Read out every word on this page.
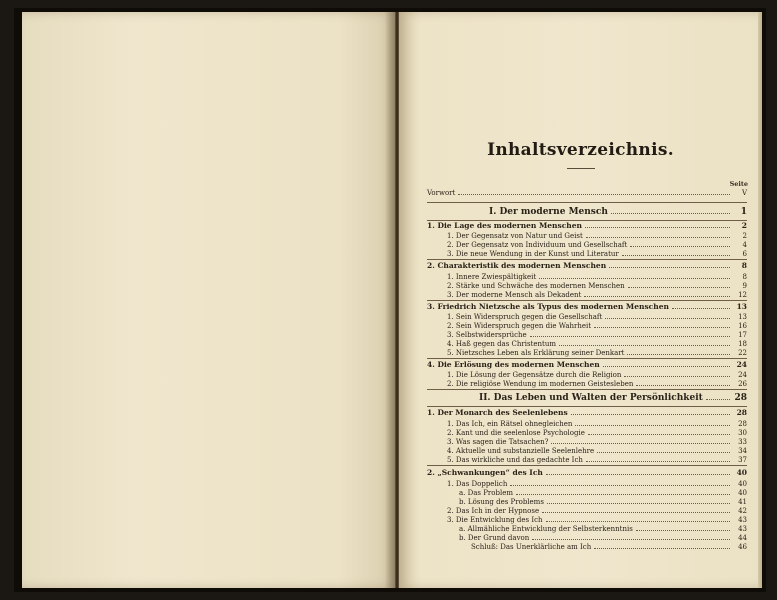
Inhaltsverzeichnis.
Seite
Vorwort	V
I. Der moderne Mensch	1
1. Die Lage des modernen Menschen	2
1. Der Gegensatz von Natur und Geist	2
2. Der Gegensatz von Individuum und Gesellschaft	4
3. Die neue Wendung in der Kunst und Literatur	6
2. Charakteristik des modernen Menschen	8
1. Innere Zwiespältigkeit	8
2. Stärke und Schwäche des modernen Menschen	9
3. Der moderne Mensch als Dekadent	12
3. Friedrich Nietzsche als Typus des modernen Menschen	13
1. Sein Widerspruch gegen die Gesellschaft	13
2. Sein Widerspruch gegen die Wahrheit	16
3. Selbstwidersprüche	17
4. Haß gegen das Christentum	18
5. Nietzsches Leben als Erklärung seiner Denkart	22
4. Die Erlösung des modernen Menschen	24
1. Die Lösung der Gegensätze durch die Religion	24
2. Die religiöse Wendung im modernen Geistesleben	26
II. Das Leben und Walten der Persönlichkeit	28
1. Der Monarch des Seelenlebens	28
1. Das Ich, ein Rätsel ohnegleichen	28
2. Kant und die seelenlose Psychologie	30
3. Was sagen die Tatsachen?	33
4. Aktuelle und substanzielle Seelenlehre	34
5. Das wirkliche und das gedachte Ich	37
2. „Schwankungen“ des Ich	40
1. Das Doppelich	40
a. Das Problem	40
b. Lösung des Problems	41
2. Das Ich in der Hypnose	42
3. Die Entwicklung des Ich	43
a. Allmähliche Entwicklung der Selbsterkenntnis	43
b. Der Grund davon	44
Schluß: Das Unerklärliche am Ich	46
